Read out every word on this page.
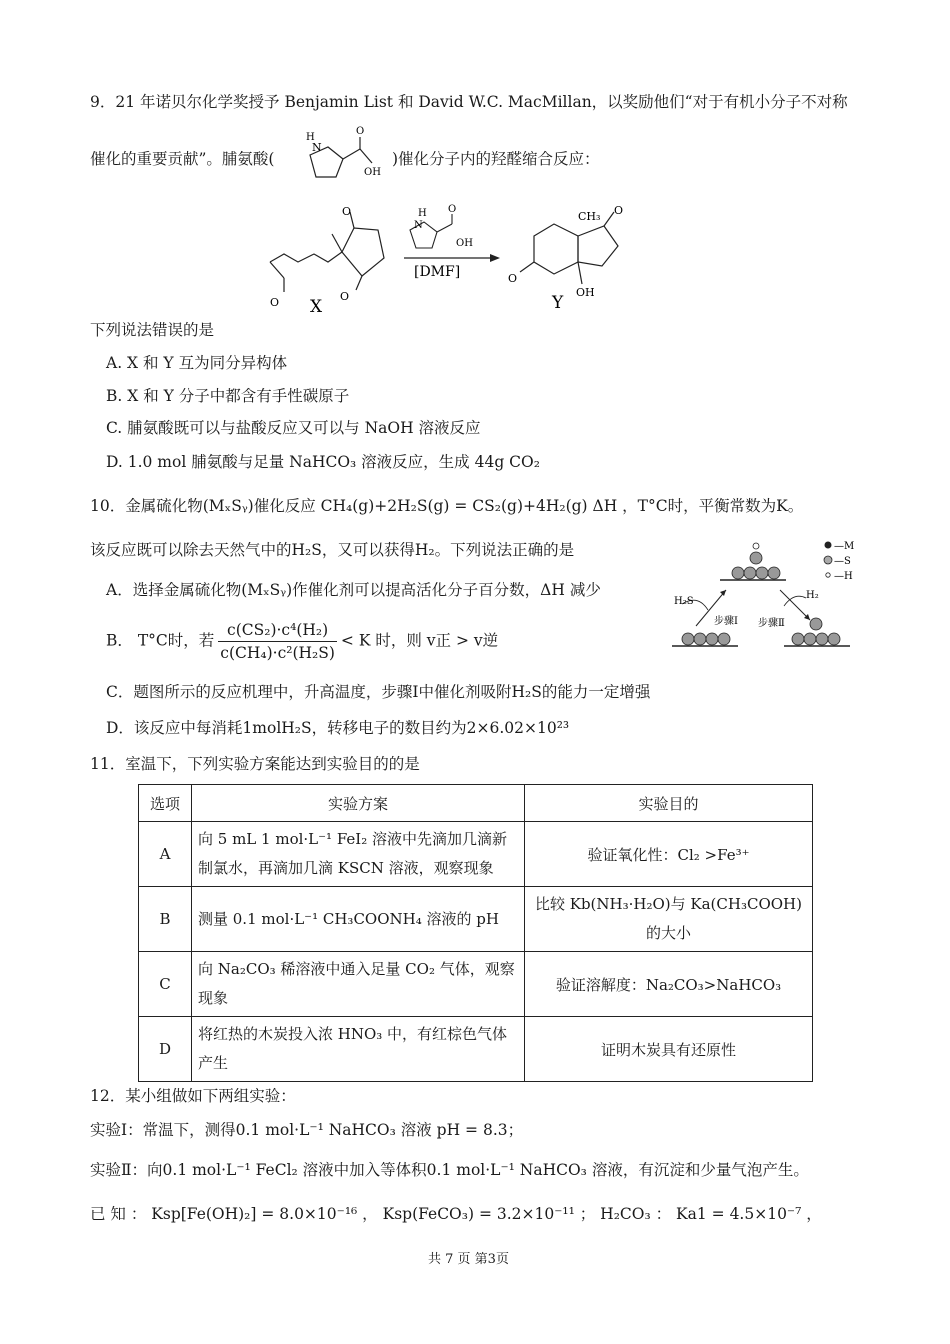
9．21 年诺贝尔化学奖授予 Benjamin List 和 David W.C. MacMillan，以奖励他们“对于有机小分子不对称
催化的重要贡献”。脯氨酸(
N
H
O
OH
)催化分子内的羟醛缩合反应：
O
O
O X
H
N
O
OH
[DMF]
CH₃ O
O
OH
Y
下列说法错误的是
A. X 和 Y 互为同分异构体
B. X 和 Y 分子中都含有手性碳原子
C. 脯氨酸既可以与盐酸反应又可以与 NaOH 溶液反应
D. 1.0 mol 脯氨酸与足量 NaHCO₃ 溶液反应，生成 44g CO₂
10．金属硫化物(MₓSᵧ)催化反应 CH₄(g)+2H₂S(g) = CS₂(g)+4H₂(g) ΔH ，T°C时，平衡常数为K。
该反应既可以除去天然气中的H₂S，又可以获得H₂。下列说法正确的是
A．选择金属硫化物(MₓSᵧ)作催化剂可以提高活化分子百分数，ΔH 减少
B． T°C时，若 $\frac{\text{c(CS₂)·c⁴(H₂)}}{\text{c(CH₄)·c²(H₂S)}} < K$ 时，则 v正 > v逆
C．题图所示的反应机理中，升高温度，步骤Ⅰ中催化剂吸附H₂S的能力一定增强
D．该反应中每消耗1molH₂S，转移电子的数目约为2×6.02×10²³
—M
—S
—H
H₂S
H₂
步骤Ⅰ 步骤Ⅱ
11．室温下，下列实验方案能达到实验目的的是
选项	实验方案	实验目的
A	向 5 mL 1 mol·L⁻¹ FeI₂ 溶液中先滴加几滴新制氯水，再滴加几滴 KSCN 溶液，观察现象	验证氧化性：Cl₂ >Fe³⁺
B	测量 0.1 mol·L⁻¹ CH₃COONH₄ 溶液的 pH	比较 Kb(NH₃·H₂O)与 Ka(CH₃COOH)的大小
C	向 Na₂CO₃ 稀溶液中通入足量 CO₂ 气体，观察现象	验证溶解度：Na₂CO₃>NaHCO₃
D	将红热的木炭投入浓 HNO₃ 中，有红棕色气体产生	证明木炭具有还原性
12．某小组做如下两组实验：
实验Ⅰ：常温下，测得0.1 mol·L⁻¹ NaHCO₃ 溶液 pH = 8.3；
实验Ⅱ：向0.1 mol·L⁻¹ FeCl₂ 溶液中加入等体积0.1 mol·L⁻¹ NaHCO₃ 溶液，有沉淀和少量气泡产生。
已 知 ： Ksp[Fe(OH)₂] = 8.0×10⁻¹⁶ ， Ksp(FeCO₃) = 3.2×10⁻¹¹ ； H₂CO₃ ： Ka1 = 4.5×10⁻⁷ ，
共 7 页 第3页
